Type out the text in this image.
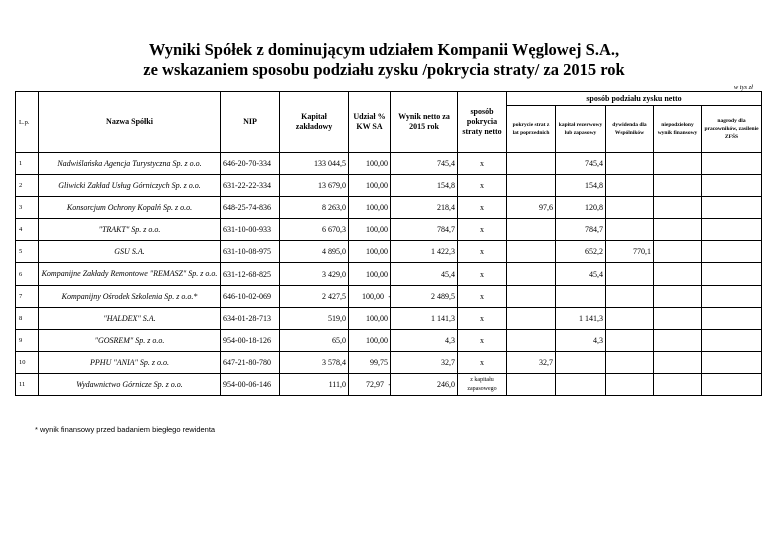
Wyniki Spółek z dominującym udziałem Kompanii Węglowej S.A.,
ze wskazaniem sposobu podziału zysku /pokrycia straty/ za 2015 rok
w tys zł
L.p.	Nazwa Spółki	NIP	Kapitał zakładowy	Udział % KW SA	Wynik netto za 2015 rok	sposób pokrycia straty netto	sposób podziału zysku netto				
							pokrycie strat z lat poprzednich	kapitał rezerwowy lub zapasowy	dywidenda dla Wspólników	niepodzielony wynik finansowy	nagrody dla pracowników, zasilenie ZFŚS
1	Nadwiślańska Agencja Turystyczna Sp. z o.o.	646-20-70-334	133 044,5	100,00	745,4	x		745,4			
2	Gliwicki Zakład Usług Górniczych Sp. z o.o.	631-22-22-334	13 679,0	100,00	154,8	x		154,8			
3	Konsorcjum Ochrony Kopalń Sp. z o.o.	648-25-74-836	8 263,0	100,00	218,4	x	97,6	120,8			
4	"TRAKT" Sp. z o.o.	631-10-00-933	6 670,3	100,00	784,7	x		784,7			
5	GSU S.A.	631-10-08-975	4 895,0	100,00	1 422,3	x		652,2	770,1		
6	Kompanijne Zakłady Remontowe "REMASZ" Sp. z o.o.	631-12-68-825	3 429,0	100,00	45,4	x		45,4			
7	Kompanijny Ośrodek Szkolenia Sp. z o.o.*	646-10-02-069	2 427,5	100,00 -	2 489,5	x					
8	"HALDEX" S.A.	634-01-28-713	519,0	100,00	1 141,3	x		1 141,3			
9	"GOSREM" Sp. z o.o.	954-00-18-126	65,0	100,00	4,3	x		4,3			
10	PPHU "ANIA" Sp. z o.o.	647-21-80-780	3 578,4	99,75	32,7	x	32,7				
11	Wydawnictwo Górnicze Sp. z o.o.	954-00-06-146	111,0	72,97 -	246,0	z kapitału zapasowego					
* wynik finansowy przed badaniem biegłego rewidenta
